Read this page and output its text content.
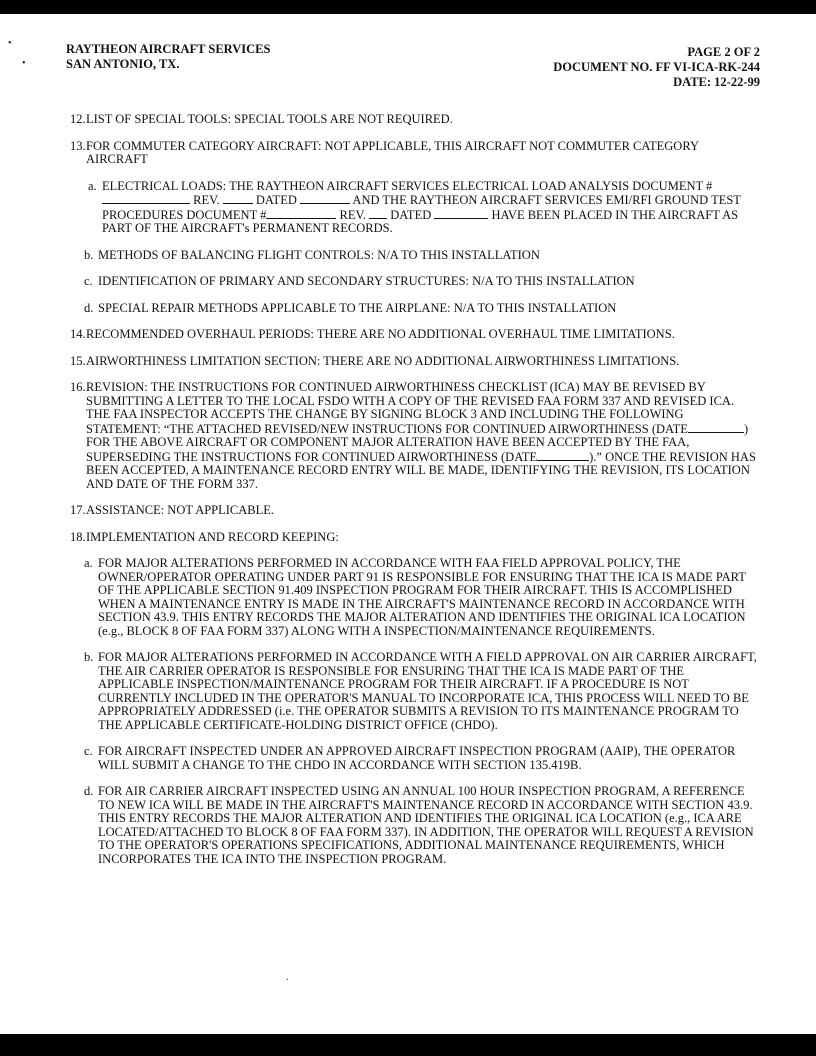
•
•
RAYTHEON AIRCRAFT SERVICES
SAN ANTONIO, TX.
PAGE 2 OF 2
DOCUMENT NO. FF VI-ICA-RK-244
DATE: 12-22-99
12. LIST OF SPECIAL TOOLS: SPECIAL TOOLS ARE NOT REQUIRED.
13. FOR COMMUTER CATEGORY AIRCRAFT: NOT APPLICABLE, THIS AIRCRAFT NOT COMMUTER CATEGORY AIRCRAFT
a. ELECTRICAL LOADS: THE RAYTHEON AIRCRAFT SERVICES ELECTRICAL LOAD ANALYSIS DOCUMENT # REV.  DATED	AND THE RAYTHEON AIRCRAFT SERVICES EMI/RFI GROUND TEST PROCEDURES DOCUMENT #	REV.  DATED	HAVE BEEN PLACED IN THE AIRCRAFT AS PART OF THE AIRCRAFT's PERMANENT RECORDS.
b. METHODS OF BALANCING FLIGHT CONTROLS: N/A TO THIS INSTALLATION
c. IDENTIFICATION OF PRIMARY AND SECONDARY STRUCTURES: N/A TO THIS INSTALLATION
d. SPECIAL REPAIR METHODS APPLICABLE TO THE AIRPLANE: N/A TO THIS INSTALLATION
14. RECOMMENDED OVERHAUL PERIODS: THERE ARE NO ADDITIONAL OVERHAUL TIME LIMITATIONS.
15. AIRWORTHINESS LIMITATION SECTION: THERE ARE NO ADDITIONAL AIRWORTHINESS LIMITATIONS.
16. REVISION: THE INSTRUCTIONS FOR CONTINUED AIRWORTHINESS CHECKLIST (ICA) MAY BE REVISED BY SUBMITTING A LETTER TO THE LOCAL FSDO WITH A COPY OF THE REVISED FAA FORM 337 AND REVISED ICA. THE FAA INSPECTOR ACCEPTS THE CHANGE BY SIGNING BLOCK 3 AND INCLUDING THE FOLLOWING STATEMENT: “THE ATTACHED REVISED/NEW INSTRUCTIONS FOR CONTINUED AIRWORTHINESS (DATE	) FOR THE ABOVE AIRCRAFT OR COMPONENT MAJOR ALTERATION HAVE BEEN ACCEPTED BY THE FAA, SUPERSEDING THE INSTRUCTIONS FOR CONTINUED AIRWORTHINESS (DATE	).” ONCE THE REVISION HAS BEEN ACCEPTED, A MAINTENANCE RECORD ENTRY WILL BE MADE, IDENTIFYING THE REVISION, ITS LOCATION AND DATE OF THE FORM 337.
17. ASSISTANCE: NOT APPLICABLE.
18. IMPLEMENTATION AND RECORD KEEPING:
a. FOR MAJOR ALTERATIONS PERFORMED IN ACCORDANCE WITH FAA FIELD APPROVAL POLICY, THE OWNER/OPERATOR OPERATING UNDER PART 91 IS RESPONSIBLE FOR ENSURING THAT THE ICA IS MADE PART OF THE APPLICABLE SECTION 91.409 INSPECTION PROGRAM FOR THEIR AIRCRAFT. THIS IS ACCOMPLISHED WHEN A MAINTENANCE ENTRY IS MADE IN THE AIRCRAFT'S MAINTENANCE RECORD IN ACCORDANCE WITH SECTION 43.9. THIS ENTRY RECORDS THE MAJOR ALTERATION AND IDENTIFIES THE ORIGINAL ICA LOCATION (e.g., BLOCK 8 OF FAA FORM 337) ALONG WITH A INSPECTION/MAINTENANCE REQUIREMENTS.
b. FOR MAJOR ALTERATIONS PERFORMED IN ACCORDANCE WITH A FIELD APPROVAL ON AIR CARRIER AIRCRAFT, THE AIR CARRIER OPERATOR IS RESPONSIBLE FOR ENSURING THAT THE ICA IS MADE PART OF THE APPLICABLE INSPECTION/MAINTENANCE PROGRAM FOR THEIR AIRCRAFT. IF A PROCEDURE IS NOT CURRENTLY INCLUDED IN THE OPERATOR'S MANUAL TO INCORPORATE ICA, THIS PROCESS WILL NEED TO BE APPROPRIATELY ADDRESSED (i.e. THE OPERATOR SUBMITS A REVISION TO ITS MAINTENANCE PROGRAM TO THE APPLICABLE CERTIFICATE-HOLDING DISTRICT OFFICE (CHDO).
c. FOR AIRCRAFT INSPECTED UNDER AN APPROVED AIRCRAFT INSPECTION PROGRAM (AAIP), THE OPERATOR WILL SUBMIT A CHANGE TO THE CHDO IN ACCORDANCE WITH SECTION 135.419B.
d. FOR AIR CARRIER AIRCRAFT INSPECTED USING AN ANNUAL 100 HOUR INSPECTION PROGRAM, A REFERENCE TO NEW ICA WILL BE MADE IN THE AIRCRAFT'S MAINTENANCE RECORD IN ACCORDANCE WITH SECTION 43.9. THIS ENTRY RECORDS THE MAJOR ALTERATION AND IDENTIFIES THE ORIGINAL ICA LOCATION (e.g., ICA ARE LOCATED/ATTACHED TO BLOCK 8 OF FAA FORM 337). IN ADDITION, THE OPERATOR WILL REQUEST A REVISION TO THE OPERATOR'S OPERATIONS SPECIFICATIONS, ADDITIONAL MAINTENANCE REQUIREMENTS, WHICH INCORPORATES THE ICA INTO THE INSPECTION PROGRAM.
.
